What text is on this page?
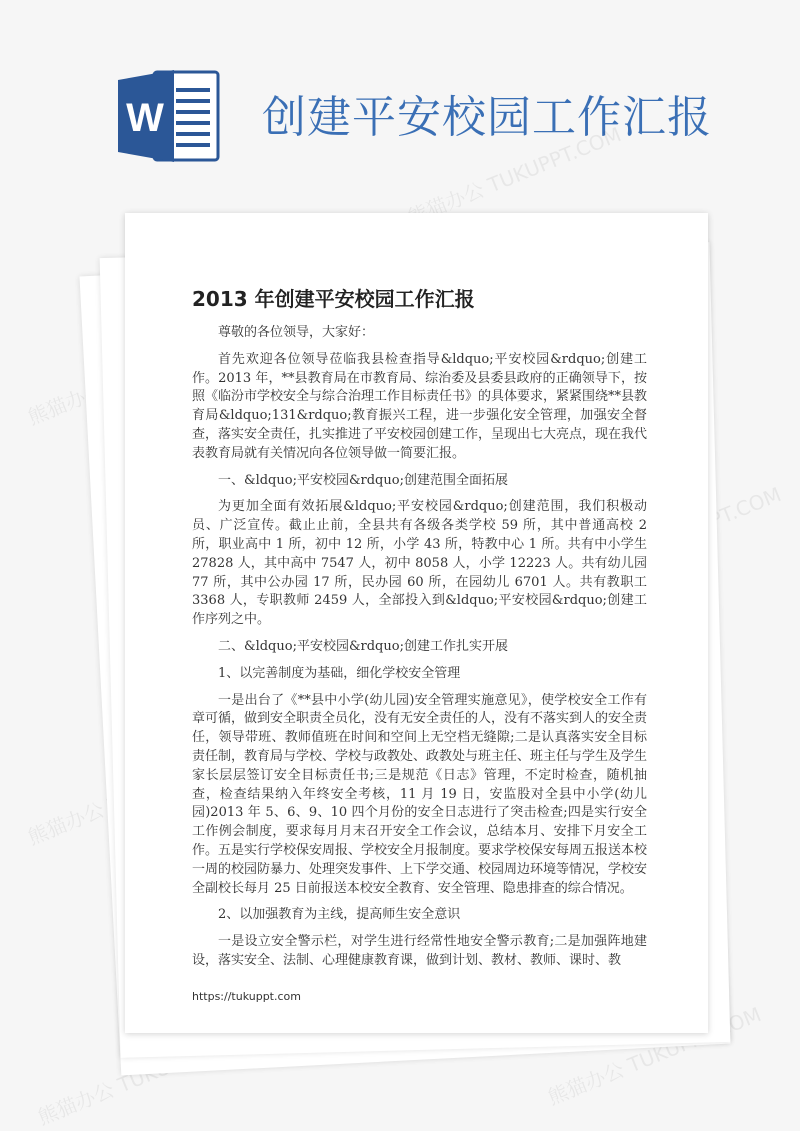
W 创建平安校园工作汇报
熊猫办公 TUKUPPT.COM
熊猫办公
熊猫办公
熊猫办公 TUKUPPT.COM
熊猫办公 TUKUPPT.COM
2013 年创建平安校园工作汇报

尊敬的各位领导，大家好：

首先欢迎各位领导莅临我县检查指导&ldquo;平安校园&rdquo;创建工作。2013 年，**县教育局在市教育局、综治委及县委县政府的正确领导下，按照《临汾市学校安全与综合治理工作目标责任书》的具体要求，紧紧围绕**县教育局&ldquo;131&rdquo;教育振兴工程，进一步强化安全管理，加强安全督查，落实安全责任，扎实推进了平安校园创建工作，呈现出七大亮点，现在我代表教育局就有关情况向各位领导做一简要汇报。

一、&ldquo;平安校园&rdquo;创建范围全面拓展

为更加全面有效拓展&ldquo;平安校园&rdquo;创建范围，我们积极动员、广泛宣传。截止止前，全县共有各级各类学校 59 所，其中普通高校 2 所，职业高中 1 所，初中 12 所，小学 43 所，特教中心 1 所。共有中小学生 27828 人，其中高中 7547 人，初中 8058 人，小学 12223 人。共有幼儿园 77 所，其中公办园 17 所，民办园 60 所，在园幼儿 6701 人。共有教职工 3368 人，专职教师 2459 人，全部投入到&ldquo;平安校园&rdquo;创建工作序列之中。

二、&ldquo;平安校园&rdquo;创建工作扎实开展

1、以完善制度为基础，细化学校安全管理

一是出台了《**县中小学(幼儿园)安全管理实施意见》，使学校安全工作有章可循，做到安全职责全员化，没有无安全责任的人，没有不落实到人的安全责任，领导带班、教师值班在时间和空间上无空档无缝隙;二是认真落实安全目标责任制，教育局与学校、学校与政教处、政教处与班主任、班主任与学生及学生家长层层签订安全目标责任书;三是规范《日志》管理，不定时检查，随机抽查，检查结果纳入年终安全考核，11 月 19 日，安监股对全县中小学(幼儿园)2013 年 5、6、9、10 四个月份的安全日志进行了突击检查;四是实行安全工作例会制度，要求每月月末召开安全工作会议，总结本月、安排下月安全工作。五是实行学校保安周报、学校安全月报制度。要求学校保安每周五报送本校一周的校园防暴力、处理突发事件、上下学交通、校园周边环境等情况，学校安全副校长每月 25 日前报送本校安全教育、安全管理、隐患排查的综合情况。

2、以加强教育为主线，提高师生安全意识

一是设立安全警示栏，对学生进行经常性地安全警示教育;二是加强阵地建设，落实安全、法制、心理健康教育课，做到计划、教材、教师、课时、教

https://tukuppt.com
